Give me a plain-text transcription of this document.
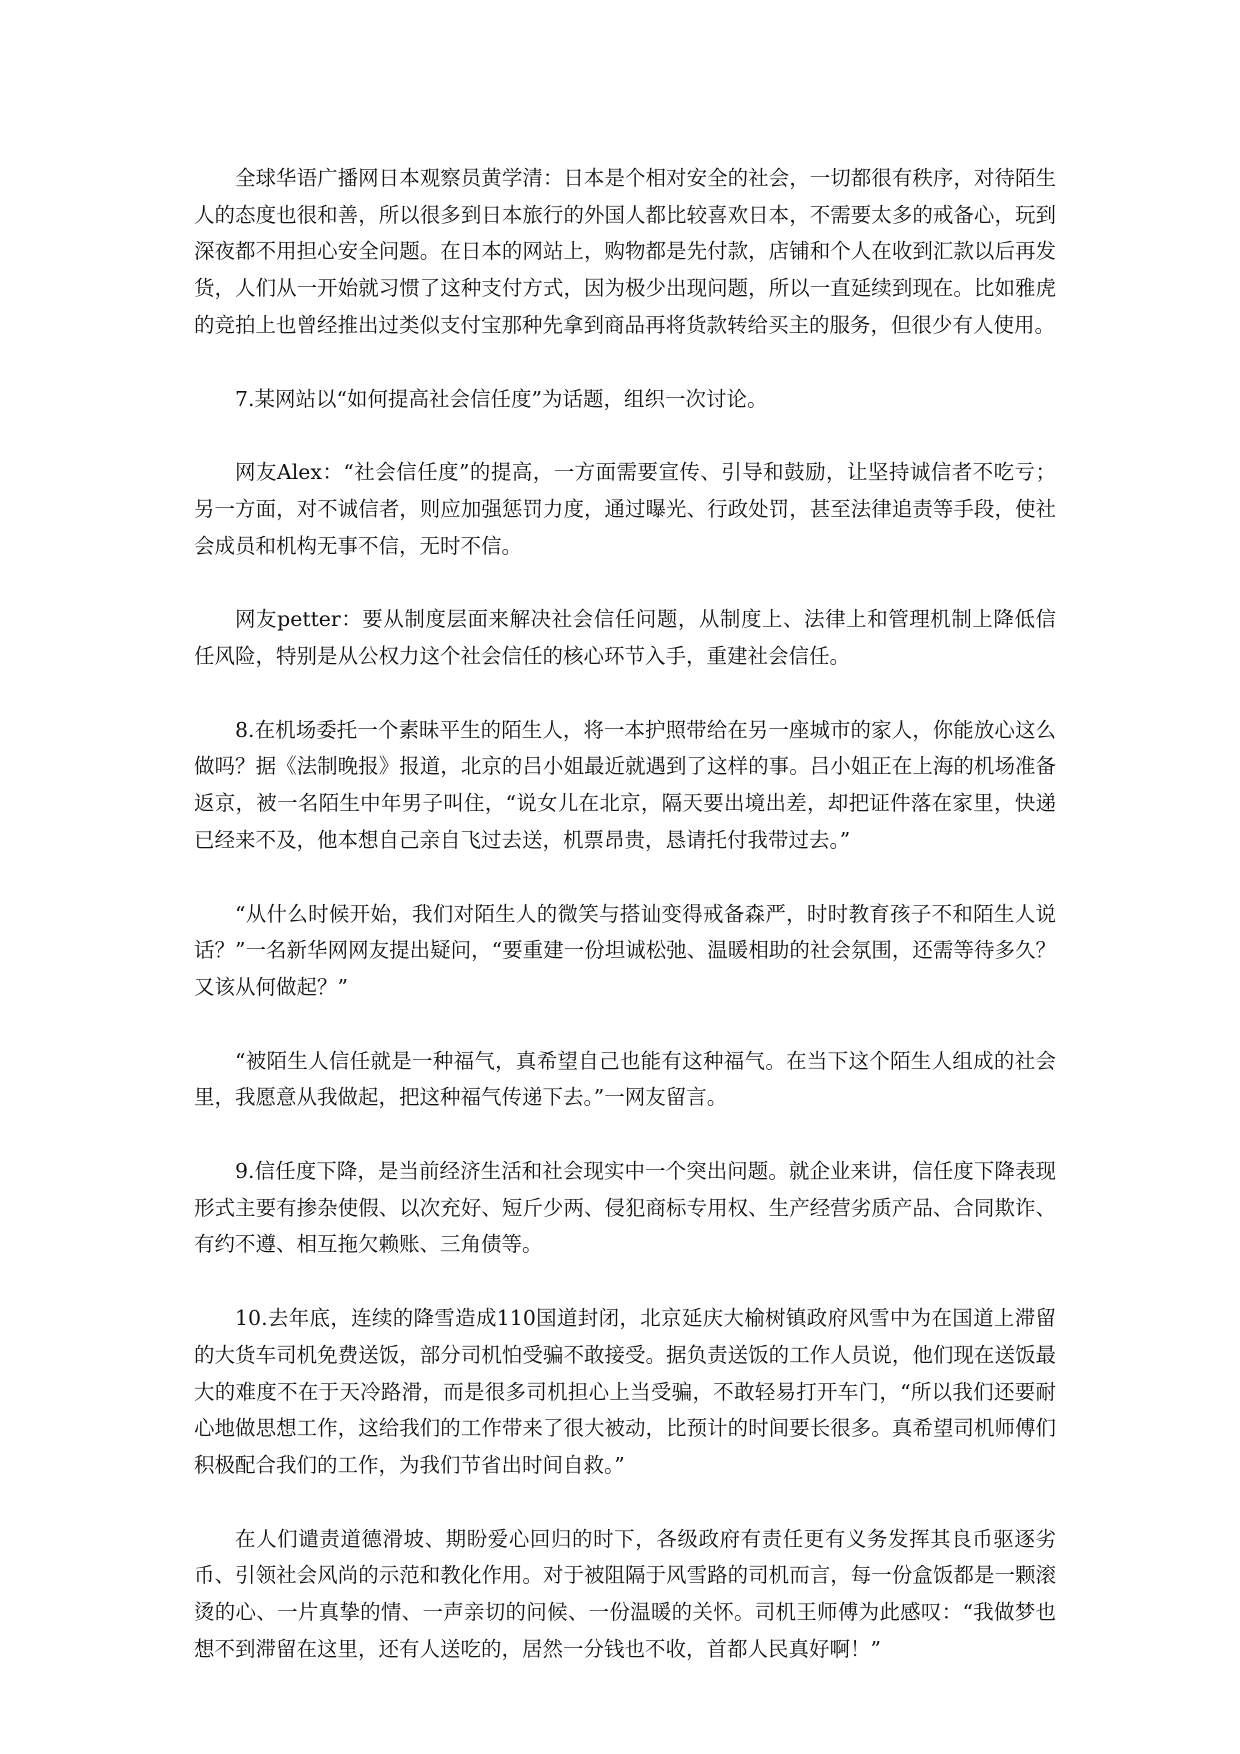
全球华语广播网日本观察员黄学清：日本是个相对安全的社会，一切都很有秩序，对待陌生人的态度也很和善，所以很多到日本旅行的外国人都比较喜欢日本，不需要太多的戒备心，玩到深夜都不用担心安全问题。在日本的网站上，购物都是先付款，店铺和个人在收到汇款以后再发货，人们从一开始就习惯了这种支付方式，因为极少出现问题，所以一直延续到现在。比如雅虎的竞拍上也曾经推出过类似支付宝那种先拿到商品再将货款转给买主的服务，但很少有人使用。

7.某网站以“如何提高社会信任度”为话题，组织一次讨论。

网友Alex：“社会信任度”的提高，一方面需要宣传、引导和鼓励，让坚持诚信者不吃亏；另一方面，对不诚信者，则应加强惩罚力度，通过曝光、行政处罚，甚至法律追责等手段，使社会成员和机构无事不信，无时不信。

网友petter：要从制度层面来解决社会信任问题，从制度上、法律上和管理机制上降低信任风险，特别是从公权力这个社会信任的核心环节入手，重建社会信任。

8.在机场委托一个素昧平生的陌生人，将一本护照带给在另一座城市的家人，你能放心这么做吗？据《法制晚报》报道，北京的吕小姐最近就遇到了这样的事。吕小姐正在上海的机场准备返京，被一名陌生中年男子叫住，“说女儿在北京，隔天要出境出差，却把证件落在家里，快递已经来不及，他本想自己亲自飞过去送，机票昂贵，恳请托付我带过去。”

“从什么时候开始，我们对陌生人的微笑与搭讪变得戒备森严，时时教育孩子不和陌生人说话？”一名新华网网友提出疑问，“要重建一份坦诚松弛、温暖相助的社会氛围，还需等待多久？又该从何做起？”

“被陌生人信任就是一种福气，真希望自己也能有这种福气。在当下这个陌生人组成的社会里，我愿意从我做起，把这种福气传递下去。”一网友留言。

9.信任度下降，是当前经济生活和社会现实中一个突出问题。就企业来讲，信任度下降表现形式主要有掺杂使假、以次充好、短斤少两、侵犯商标专用权、生产经营劣质产品、合同欺诈、有约不遵、相互拖欠赖账、三角债等。

10.去年底，连续的降雪造成110国道封闭，北京延庆大榆树镇政府风雪中为在国道上滞留的大货车司机免费送饭，部分司机怕受骗不敢接受。据负责送饭的工作人员说，他们现在送饭最大的难度不在于天冷路滑，而是很多司机担心上当受骗，不敢轻易打开车门，“所以我们还要耐心地做思想工作，这给我们的工作带来了很大被动，比预计的时间要长很多。真希望司机师傅们积极配合我们的工作，为我们节省出时间自救。”

在人们谴责道德滑坡、期盼爱心回归的时下，各级政府有责任更有义务发挥其良币驱逐劣币、引领社会风尚的示范和教化作用。对于被阻隔于风雪路的司机而言，每一份盒饭都是一颗滚烫的心、一片真挚的情、一声亲切的问候、一份温暖的关怀。司机王师傅为此感叹：“我做梦也想不到滞留在这里，还有人送吃的，居然一分钱也不收，首都人民真好啊！”
